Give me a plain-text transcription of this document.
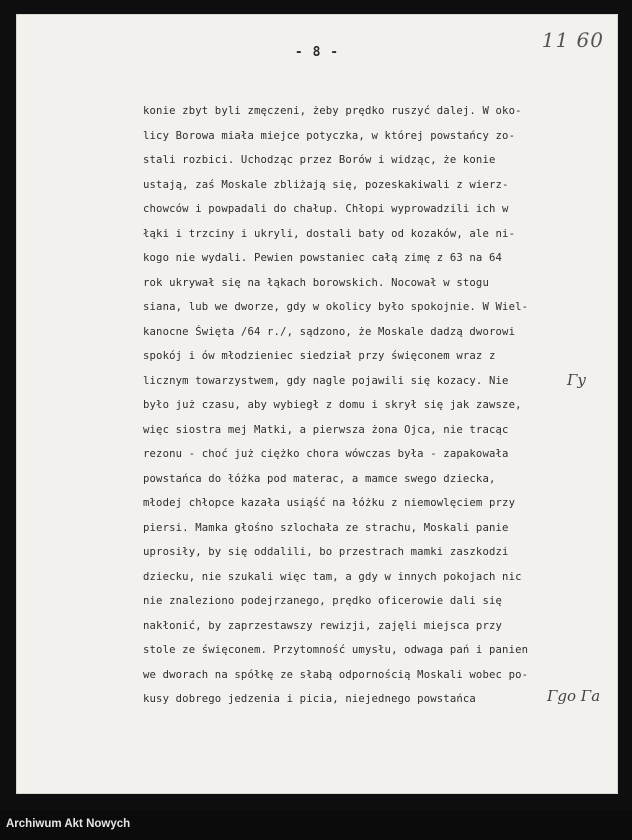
- 8 -
11 60
konie zbyt byli zmęczeni, żeby prędko ruszyć dalej. W oko-
licy Borowa miała miejce potyczka, w której powstańcy zo-
stali rozbici. Uchodząc przez Borów i widząc, że konie
ustają, zaś Moskale zbliżają się, pozeskakiwali z wierz-
chowców i powpadali do chałup. Chłopi wyprowadzili ich w
łąki i trzciny i ukryli, dostali baty od kozaków, ale ni-
kogo nie wydali. Pewien powstaniec całą zimę z 63 na 64
rok ukrywał się na łąkach borowskich. Nocował w stogu
siana, lub we dworze, gdy w okolicy było spokojnie. W Wiel-
kanocne Święta /64 r./, sądzono, że Moskale dadzą dworowi
spokój i ów młodzieniec siedział przy święconem wraz z
licznym towarzystwem, gdy nagle pojawili się kozacy. Nie
było już czasu, aby wybiegł z domu i skrył się jak zawsze,
więc siostra mej Matki, a pierwsza żona Ojca, nie tracąc
rezonu - choć już ciężko chora wówczas była - zapakowała
powstańca do łóżka pod materac, a mamce swego dziecka,
młodej chłopce kazała usiąść na łóżku z niemowlęciem przy
piersi. Mamka głośno szlochała ze strachu, Moskali panie
uprosiły, by się oddalili, bo przestrach mamki zaszkodzi
dziecku, nie szukali więc tam, a gdy w innych pokojach nic
nie znaleziono podejrzanego, prędko oficerowie dali się
nakłonić, by zaprzestawszy rewizji, zajęli miejsca przy
stole ze święconem. Przytomność umysłu, odwaga pań i panien
we dworach na spółkę ze słabą odpornością Moskali wobec po-
kusy dobrego jedzenia i picia, niejednego powstańca
Γy
Γgo Γa
Archiwum Akt Nowych
